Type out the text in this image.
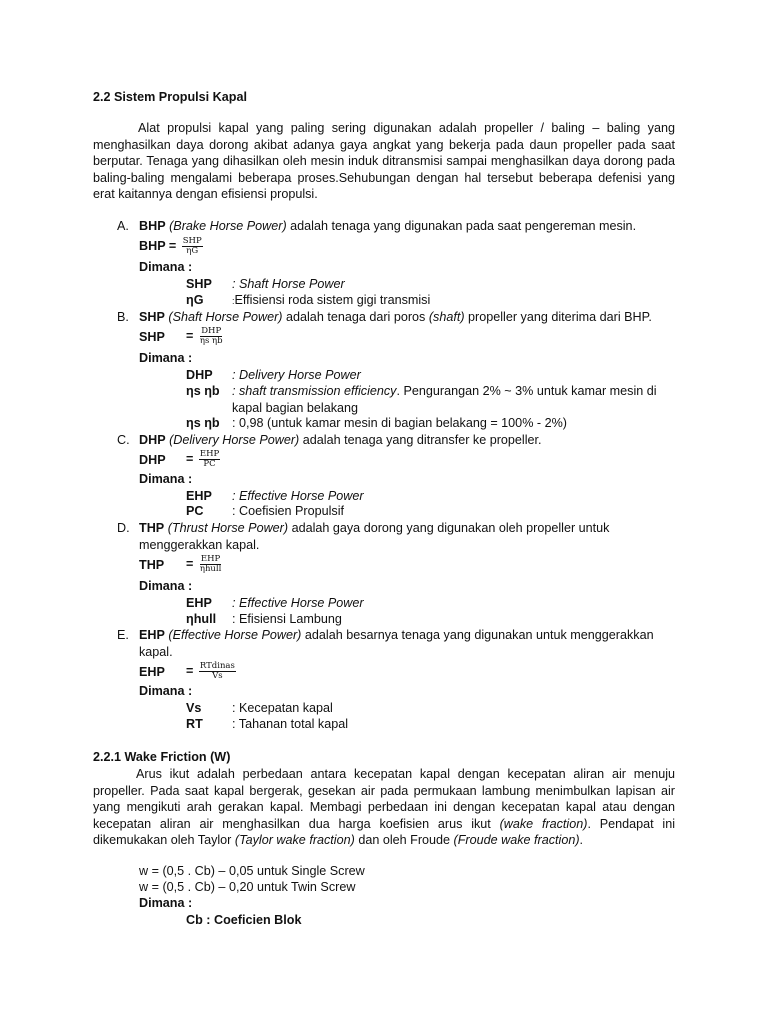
2.2 Sistem Propulsi Kapal
Alat propulsi kapal yang paling sering digunakan adalah propeller / baling – baling yang menghasilkan daya dorong akibat adanya gaya angkat yang bekerja pada daun propeller pada saat berputar. Tenaga yang dihasilkan oleh mesin induk ditransmisi sampai menghasilkan daya dorong pada baling-baling mengalami beberapa proses.Sehubungan dengan hal tersebut beberapa defenisi yang erat kaitannya dengan efisiensi propulsi.
A. BHP (Brake Horse Power) adalah tenaga yang digunakan pada saat pengereman mesin.
BHP = $\frac{\text{SHP}}{\eta G}$
Dimana :
SHP : Shaft Horse Power
ηG	:Effisiensi roda sistem gigi transmisi
B. SHP (Shaft Horse Power) adalah tenaga dari poros (shaft) propeller yang diterima dari BHP.
SHP = $\frac{\text{DHP}}{\text{ηs ηb}}$
Dimana :
DHP : Delivery Horse Power
ηs ηb : shaft transmission efficiency. Pengurangan 2% ~ 3% untuk kamar mesin di
kapal bagian belakang
ηs ηb : 0,98 (untuk kamar mesin di bagian belakang = 100% - 2%)
C. DHP (Delivery Horse Power) adalah tenaga yang ditransfer ke propeller.
DHP = $\frac{\text{EHP}}{PC}$
Dimana :
EHP : Effective Horse Power
PC : Coefisien Propulsif
D. THP (Thrust Horse Power) adalah gaya dorong yang digunakan oleh propeller untuk
menggerakkan kapal.
THP = $\frac{\text{EHP}}{\text{ηhull}}$
Dimana :
EHP : Effective Horse Power
ηhull : Efisiensi Lambung
E. EHP (Effective Horse Power) adalah besarnya tenaga yang digunakan untuk menggerakkan
kapal.
EHP = $\frac{\text{RTdinas}}{Vs}$
Dimana :
Vs : Kecepatan kapal
RT : Tahanan total kapal
2.2.1 Wake Friction (W)
Arus ikut adalah perbedaan antara kecepatan kapal dengan kecepatan aliran air menuju propeller. Pada saat kapal bergerak, gesekan air pada permukaan lambung menimbulkan lapisan air yang mengikuti arah gerakan kapal. Membagi perbedaan ini dengan kecepatan kapal atau dengan kecepatan aliran air menghasilkan dua harga koefisien arus ikut (wake fraction). Pendapat ini dikemukakan oleh Taylor (Taylor wake fraction) dan oleh Froude (Froude wake fraction).
w = (0,5 . Cb) – 0,05 untuk Single Screw
w = (0,5 . Cb) – 0,20 untuk Twin Screw
Dimana :
Cb : Coeficien Blok
